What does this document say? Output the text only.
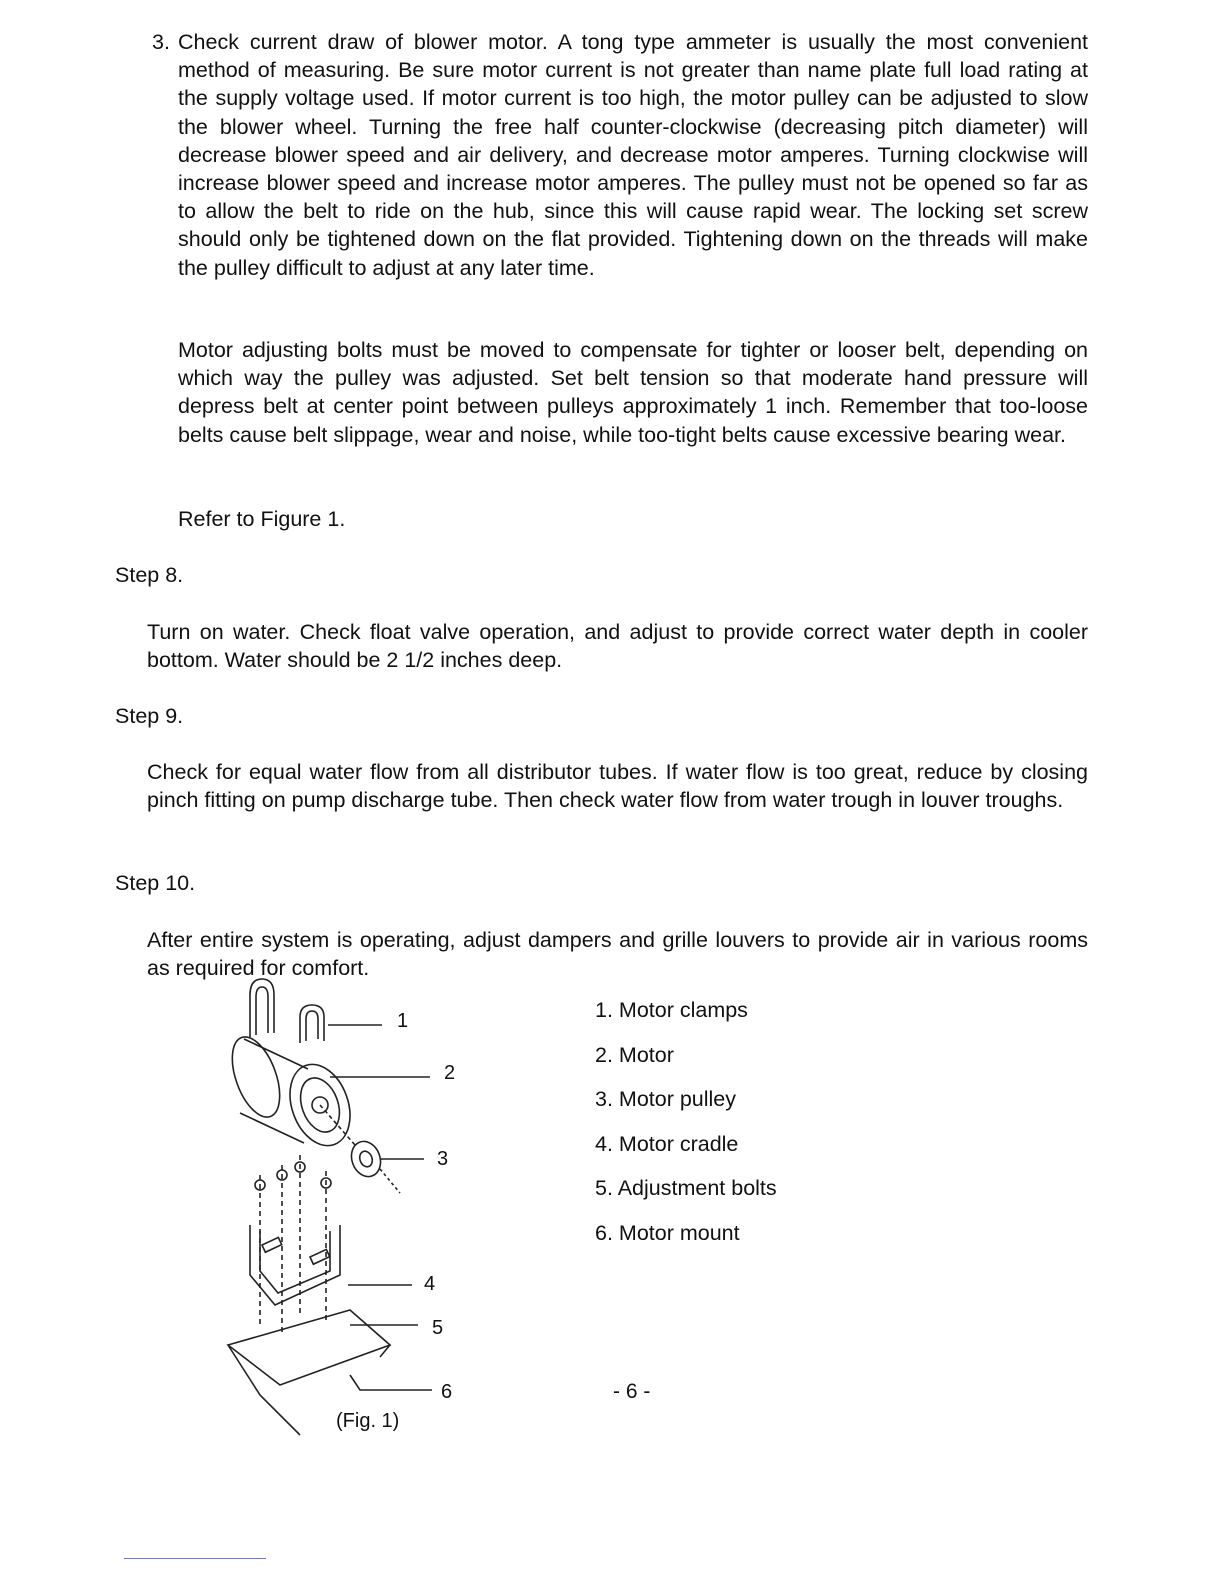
3. Check current draw of blower motor. A tong type ammeter is usually the most convenient method of measuring. Be sure motor current is not greater than name plate full load rating at the supply voltage used. If motor current is too high, the motor pulley can be adjusted to slow the blower wheel. Turning the free half counter-clockwise (decreasing pitch diameter) will decrease blower speed and air delivery, and decrease motor amperes. Turning clockwise will increase blower speed and increase motor amperes. The pulley must not be opened so far as to allow the belt to ride on the hub, since this will cause rapid wear. The locking set screw should only be tightened down on the flat provided. Tightening down on the threads will make the pulley difficult to adjust at any later time.

Motor adjusting bolts must be moved to compensate for tighter or looser belt, depending on which way the pulley was adjusted. Set belt tension so that moderate hand pressure will depress belt at center point between pulleys approximately 1 inch. Remember that too-loose belts cause belt slippage, wear and noise, while too-tight belts cause excessive bearing wear.

Refer to Figure 1.

Step 8.

Turn on water. Check float valve operation, and adjust to provide correct water depth in cooler bottom. Water should be 2 1/2 inches deep.

Step 9.

Check for equal water flow from all distributor tubes. If water flow is too great, reduce by closing pinch fitting on pump discharge tube. Then check water flow from water trough in louver troughs.

Step 10.

After entire system is operating, adjust dampers and grille louvers to provide air in various rooms as required for comfort.

1
2
3
4
5
6
(Fig. 1)
1. Motor clamps
2. Motor
3. Motor pulley
4. Motor cradle
5. Adjustment bolts
6. Motor mount
- 6 -
